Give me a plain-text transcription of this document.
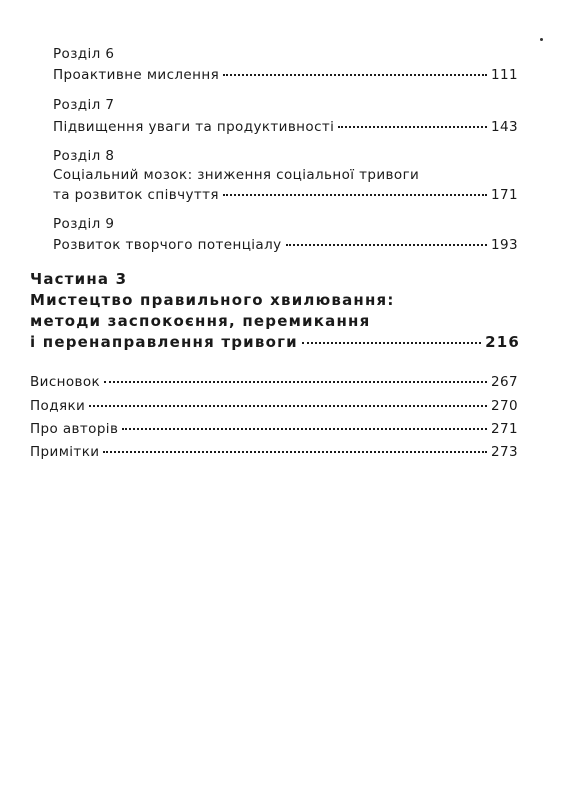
Розділ 6
Проактивне мислення	111
Розділ 7
Підвищення уваги та продуктивності	143
Розділ 8
Соціальний мозок: зниження соціальної тривоги
та розвиток співчуття	171
Розділ 9
Розвиток творчого потенціалу	193
Частина 3
Мистецтво правильного хвилювання:
методи заспокоєння, перемикання
і перенаправлення тривоги	216
Висновок	267
Подяки	270
Про авторів	271
Примітки	273
